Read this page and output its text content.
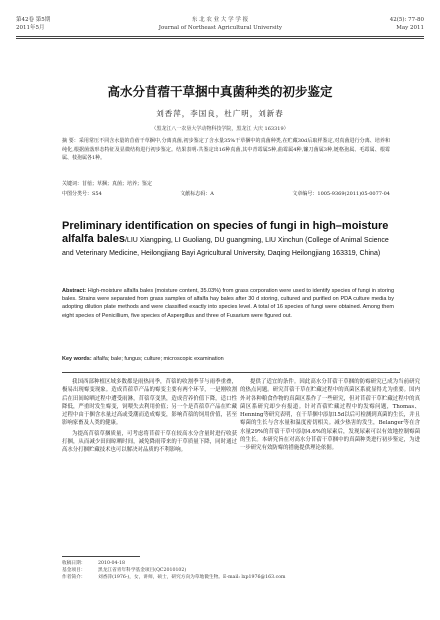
第42卷 第5期	东 北 农 业 大 学 学 报	42(5): 77-80
2011年5月	Journal of Northeast Agricultural University	May 2011
高水分苜蓿干草捆中真菌种类的初步鉴定
刘香萍，李国良，杜广明，刘新春
（黑龙江八一农垦大学动物科技学院，黑龙江 大庆 163319）
摘 要：采用常压不同含水量的苜蓿干草捆中,分离真菌,初步鉴定了含水量35%干草捆中的真菌种类,在贮藏30d后取样鉴定,对真菌进行分离、培养和纯化,根据菌落形态特征及显微结构进行初步鉴定。结果表明:共鉴定出16种真菌,其中青霉属5种,曲霉属4种,镰刀菌属3种,链格孢属、毛霉属、根霉属、枝孢属各1种。
关键词：苜蓿；草捆；真菌；培养；鉴定
中图分类号：S54	文献标志码：A	文章编号：1005-9369(2011)05-0077-04
Preliminary identification on species of fungi in high–moisture alfalfa bales/LIU Xiangping, LI Guoliang, DU guangming, LIU Xinchun (College of Animal Science and Veterinary Medicine, Heilongjiang Bayi Agricultural University, Daqing Heilongjiang 163319, China)
Abstract: High-moisture alfalfa bales (moisture content, 35.03%) from grass corporation were used to identify species of fungi in storing bales. Strains were separated from grass samples of alfalfa hay bales after 30 d storing, cultured and purified on PDA culture media by adopting dilution plate methods and were classified exactly into species level. A total of 16 species of fungi were obtained. Among them eight species of Penicillium, five species of Aspergillus and three of Fusarium were figured out.
Key words: alfalfa; bale; fungus; culture; microscopic examination

我国西部种植区域多数都是雨热同季，苜蓿的收割季节与雨季重叠，极易出现霉变现象。造成苜蓿草产品的霉变主要有两个环节，一是刚收割后在田间晾晒过程中遭受雨淋，苜蓿草变黑，造成营养价值下降，适口性降低，严重时发生霉变，饲喂失去利用价值；另一个是苜蓿草产品在贮藏过程中由于捆含水量过高或受潮而造成霉变，影响苜蓿的饲用价值，甚至影响家畜及人类的健康。

为提高苜蓿草捆质量，可考虑将苜蓿干草在较高水分含量时进行收获打捆，从而减少田间晾晒时间，减免降雨带来的干草质量下降，同时通过高水分打捆贮藏技术也可以解决对品质的不利影响。

提供了适宜的条件。因此高水分苜蓿干草捆的防霉研究已成为当前研究的热点问题。研究苜蓿干草在贮藏过程中的真菌区系就显得尤为重要。国内外对各种粮食作物的真菌区系作了一些研究，但对苜蓿干草贮藏过程中的真菌区系研究却少有报道。针对苜蓿贮藏过程中的发霉问题，Thomas、Henning等研究表明，在干草捆中添加15d以后可检测到真菌的生长，并且霉菌的生长与含水量和温度密切相关。减少热害的发生，Belanger等在含水量29%的苜蓿干草中添加4.6%的尿素后，发现尿素可以有效地控制霉菌的生长。本研究旨在对高水分苜蓿干草捆中的真菌种类进行初步鉴定，为进一步研究有效防霉的措施提供理论依据。

收稿日期：	2010-04-18
基金项目：	黑龙江省青年科学基金项目(QC2010102)
作者简介：	刘香萍(1976-)，女，讲师，硕士，研究方向为草地微生物。E-mail: lxp1976@163.com
